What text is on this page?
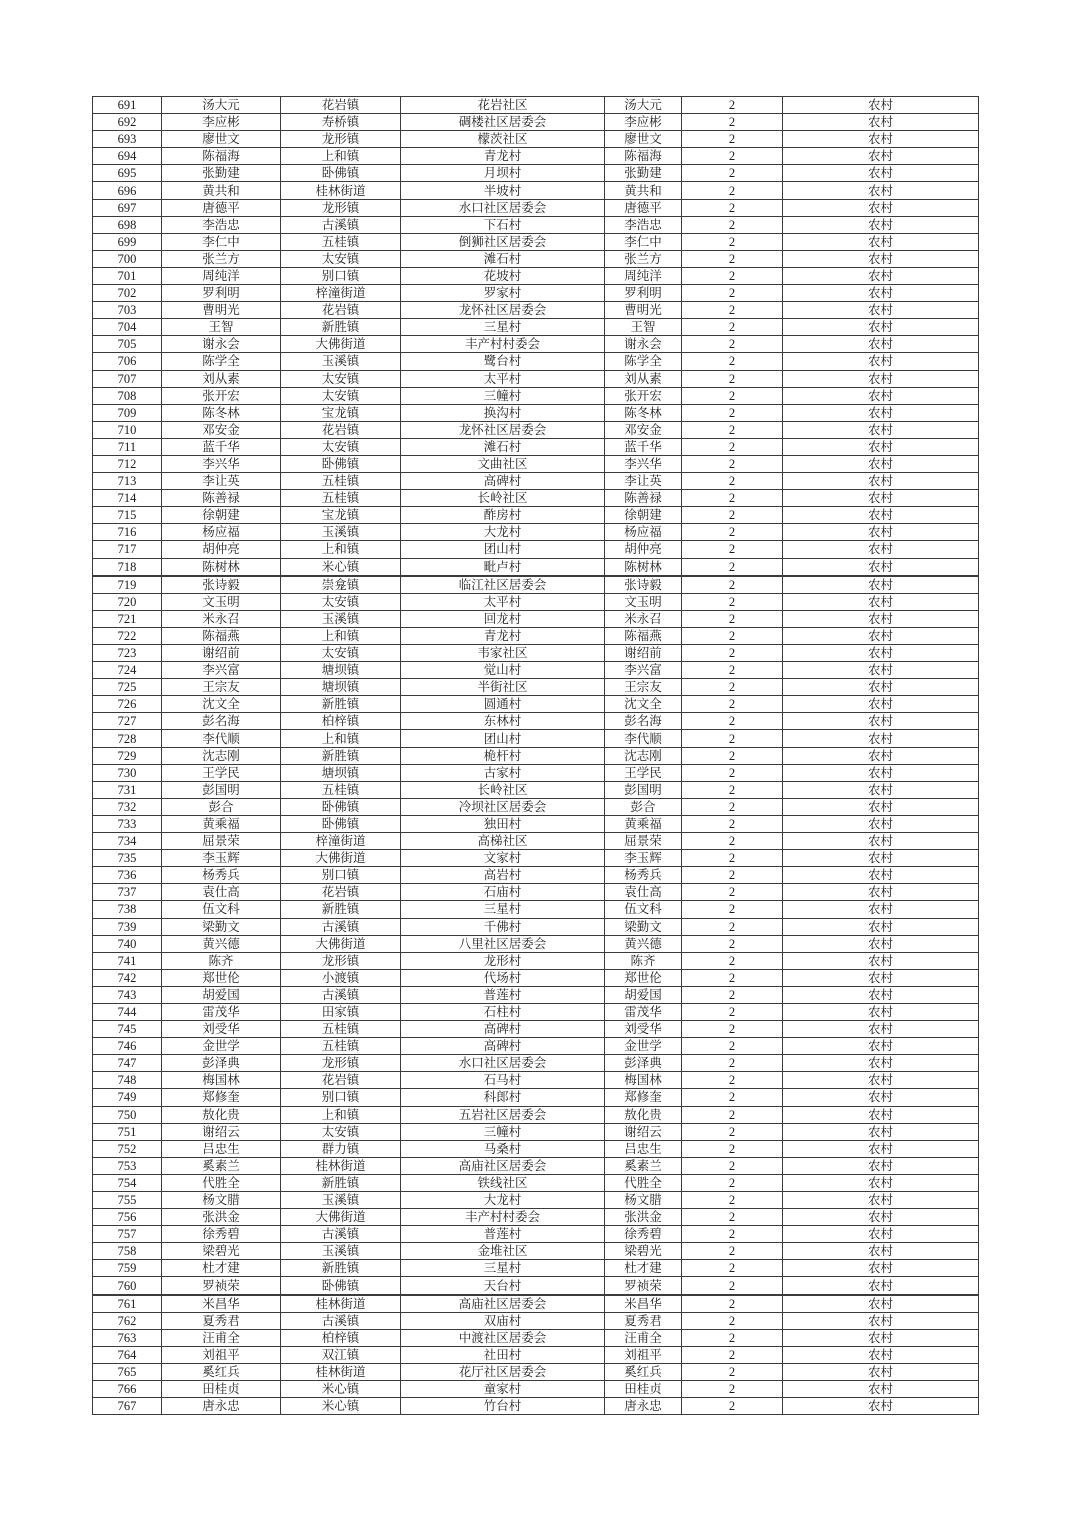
691	汤大元	花岩镇	花岩社区	汤大元	2	农村
692	李应彬	寿桥镇	碉楼社区居委会	李应彬	2	农村
693	廖世文	龙形镇	檬茨社区	廖世文	2	农村
694	陈福海	上和镇	青龙村	陈福海	2	农村
695	张勤建	卧佛镇	月坝村	张勤建	2	农村
696	黄共和	桂林街道	半坡村	黄共和	2	农村
697	唐德平	龙形镇	水口社区居委会	唐德平	2	农村
698	李浩忠	古溪镇	下石村	李浩忠	2	农村
699	李仁中	五桂镇	倒狮社区居委会	李仁中	2	农村
700	张兰方	太安镇	滩石村	张兰方	2	农村
701	周纯洋	别口镇	花坡村	周纯洋	2	农村
702	罗利明	梓潼街道	罗家村	罗利明	2	农村
703	曹明光	花岩镇	龙怀社区居委会	曹明光	2	农村
704	王智	新胜镇	三星村	王智	2	农村
705	谢永会	大佛街道	丰产村村委会	谢永会	2	农村
706	陈学全	玉溪镇	鹭台村	陈学全	2	农村
707	刘从素	太安镇	太平村	刘从素	2	农村
708	张开宏	太安镇	三幢村	张开宏	2	农村
709	陈冬林	宝龙镇	换沟村	陈冬林	2	农村
710	邓安金	花岩镇	龙怀社区居委会	邓安金	2	农村
711	蓝千华	太安镇	滩石村	蓝千华	2	农村
712	李兴华	卧佛镇	文曲社区	李兴华	2	农村
713	李让英	五桂镇	高碑村	李让英	2	农村
714	陈善禄	五桂镇	长岭社区	陈善禄	2	农村
715	徐朝建	宝龙镇	酢房村	徐朝建	2	农村
716	杨应福	玉溪镇	大龙村	杨应福	2	农村
717	胡仲亮	上和镇	团山村	胡仲亮	2	农村
718	陈树林	米心镇	毗卢村	陈树林	2	农村
719	张诗毅	崇龛镇	临江社区居委会	张诗毅	2	农村
720	文玉明	太安镇	太平村	文玉明	2	农村
721	米永召	玉溪镇	回龙村	米永召	2	农村
722	陈福燕	上和镇	青龙村	陈福燕	2	农村
723	谢绍前	太安镇	韦家社区	谢绍前	2	农村
724	李兴富	塘坝镇	觉山村	李兴富	2	农村
725	王宗友	塘坝镇	半街社区	王宗友	2	农村
726	沈文全	新胜镇	圆通村	沈文全	2	农村
727	彭名海	柏梓镇	东林村	彭名海	2	农村
728	李代顺	上和镇	团山村	李代顺	2	农村
729	沈志刚	新胜镇	桅杆村	沈志刚	2	农村
730	王学民	塘坝镇	古家村	王学民	2	农村
731	彭国明	五桂镇	长岭社区	彭国明	2	农村
732	彭合	卧佛镇	冷坝社区居委会	彭合	2	农村
733	黄乘福	卧佛镇	独田村	黄乘福	2	农村
734	屈景荣	梓潼街道	高梯社区	屈景荣	2	农村
735	李玉辉	大佛街道	文家村	李玉辉	2	农村
736	杨秀兵	别口镇	高岩村	杨秀兵	2	农村
737	袁仕高	花岩镇	石庙村	袁仕高	2	农村
738	伍文科	新胜镇	三星村	伍文科	2	农村
739	梁勤文	古溪镇	千佛村	梁勤文	2	农村
740	黄兴德	大佛街道	八里社区居委会	黄兴德	2	农村
741	陈齐	龙形镇	龙形村	陈齐	2	农村
742	郑世伦	小渡镇	代场村	郑世伦	2	农村
743	胡爱国	古溪镇	普莲村	胡爱国	2	农村
744	雷茂华	田家镇	石柱村	雷茂华	2	农村
745	刘受华	五桂镇	高碑村	刘受华	2	农村
746	金世学	五桂镇	高碑村	金世学	2	农村
747	彭泽典	龙形镇	水口社区居委会	彭泽典	2	农村
748	梅国林	花岩镇	石马村	梅国林	2	农村
749	郑修奎	别口镇	科郎村	郑修奎	2	农村
750	敖化贵	上和镇	五岩社区居委会	敖化贵	2	农村
751	谢绍云	太安镇	三幢村	谢绍云	2	农村
752	吕忠生	群力镇	马桑村	吕忠生	2	农村
753	奚素兰	桂林街道	高庙社区居委会	奚素兰	2	农村
754	代胜全	新胜镇	铁线社区	代胜全	2	农村
755	杨文腊	玉溪镇	大龙村	杨文腊	2	农村
756	张洪金	大佛街道	丰产村村委会	张洪金	2	农村
757	徐秀碧	古溪镇	普莲村	徐秀碧	2	农村
758	梁碧光	玉溪镇	金堆社区	梁碧光	2	农村
759	杜才建	新胜镇	三星村	杜才建	2	农村
760	罗祯荣	卧佛镇	天台村	罗祯荣	2	农村
761	米昌华	桂林街道	高庙社区居委会	米昌华	2	农村
762	夏秀君	古溪镇	双庙村	夏秀君	2	农村
763	汪甫全	柏梓镇	中渡社区居委会	汪甫全	2	农村
764	刘祖平	双江镇	社田村	刘祖平	2	农村
765	奚红兵	桂林街道	花厅社区居委会	奚红兵	2	农村
766	田桂贞	米心镇	童家村	田桂贞	2	农村
767	唐永忠	米心镇	竹台村	唐永忠	2	农村
